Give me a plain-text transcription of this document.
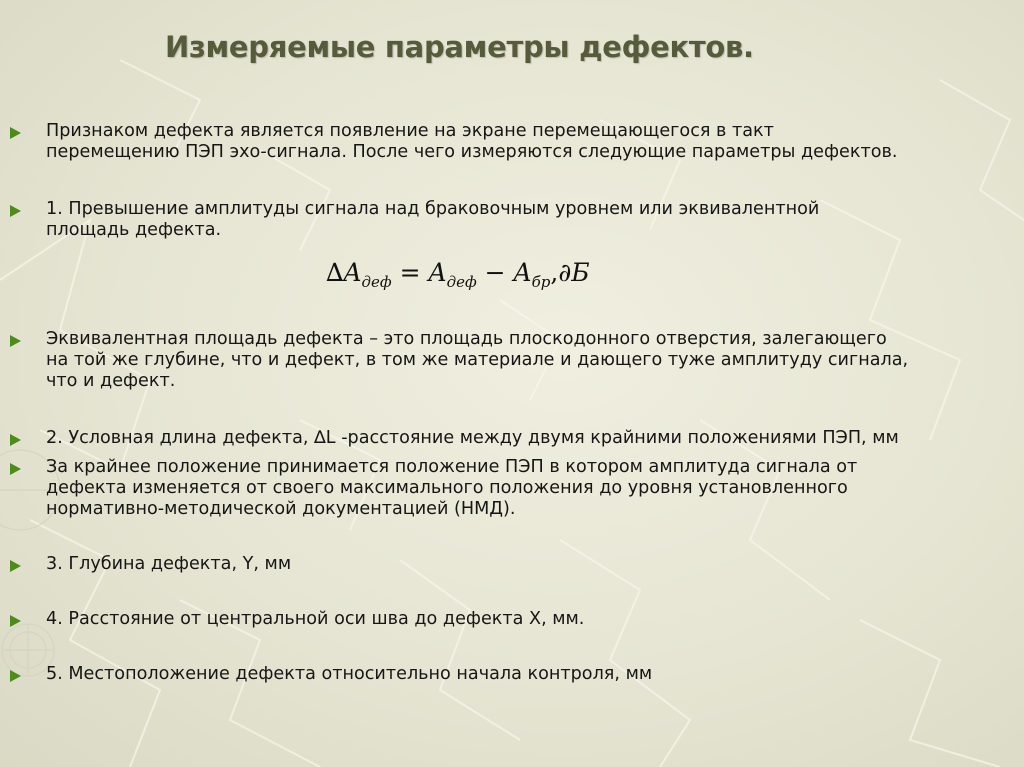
Измеряемые параметры дефектов.
Признаком дефекта является появление на экране перемещающегося в такт
перемещению ПЭП эхо-сигнала. После чего измеряются следующие параметры дефектов.
1. Превышение амплитуды сигнала над браковочным уровнем или эквивалентной
площадь дефекта.
$\Delta A_{деф} = A_{деф} - A_{бр},\partial Б$
Эквивалентная площадь дефекта – это площадь плоскодонного отверстия, залегающего
на той же глубине, что и дефект, в том же материале и дающего туже амплитуду сигнала,
что и дефект.
2. Условная длина дефекта, ∆L -расстояние между двумя крайними положениями ПЭП, мм
За крайнее положение принимается положение ПЭП в котором амплитуда сигнала от
дефекта изменяется от своего максимального положения до уровня установленного
нормативно-методической документацией (НМД).
3. Глубина дефекта, Y, мм
4. Расстояние от центральной оси шва до дефекта X, мм.
5. Местоположение дефекта относительно начала контроля, мм
